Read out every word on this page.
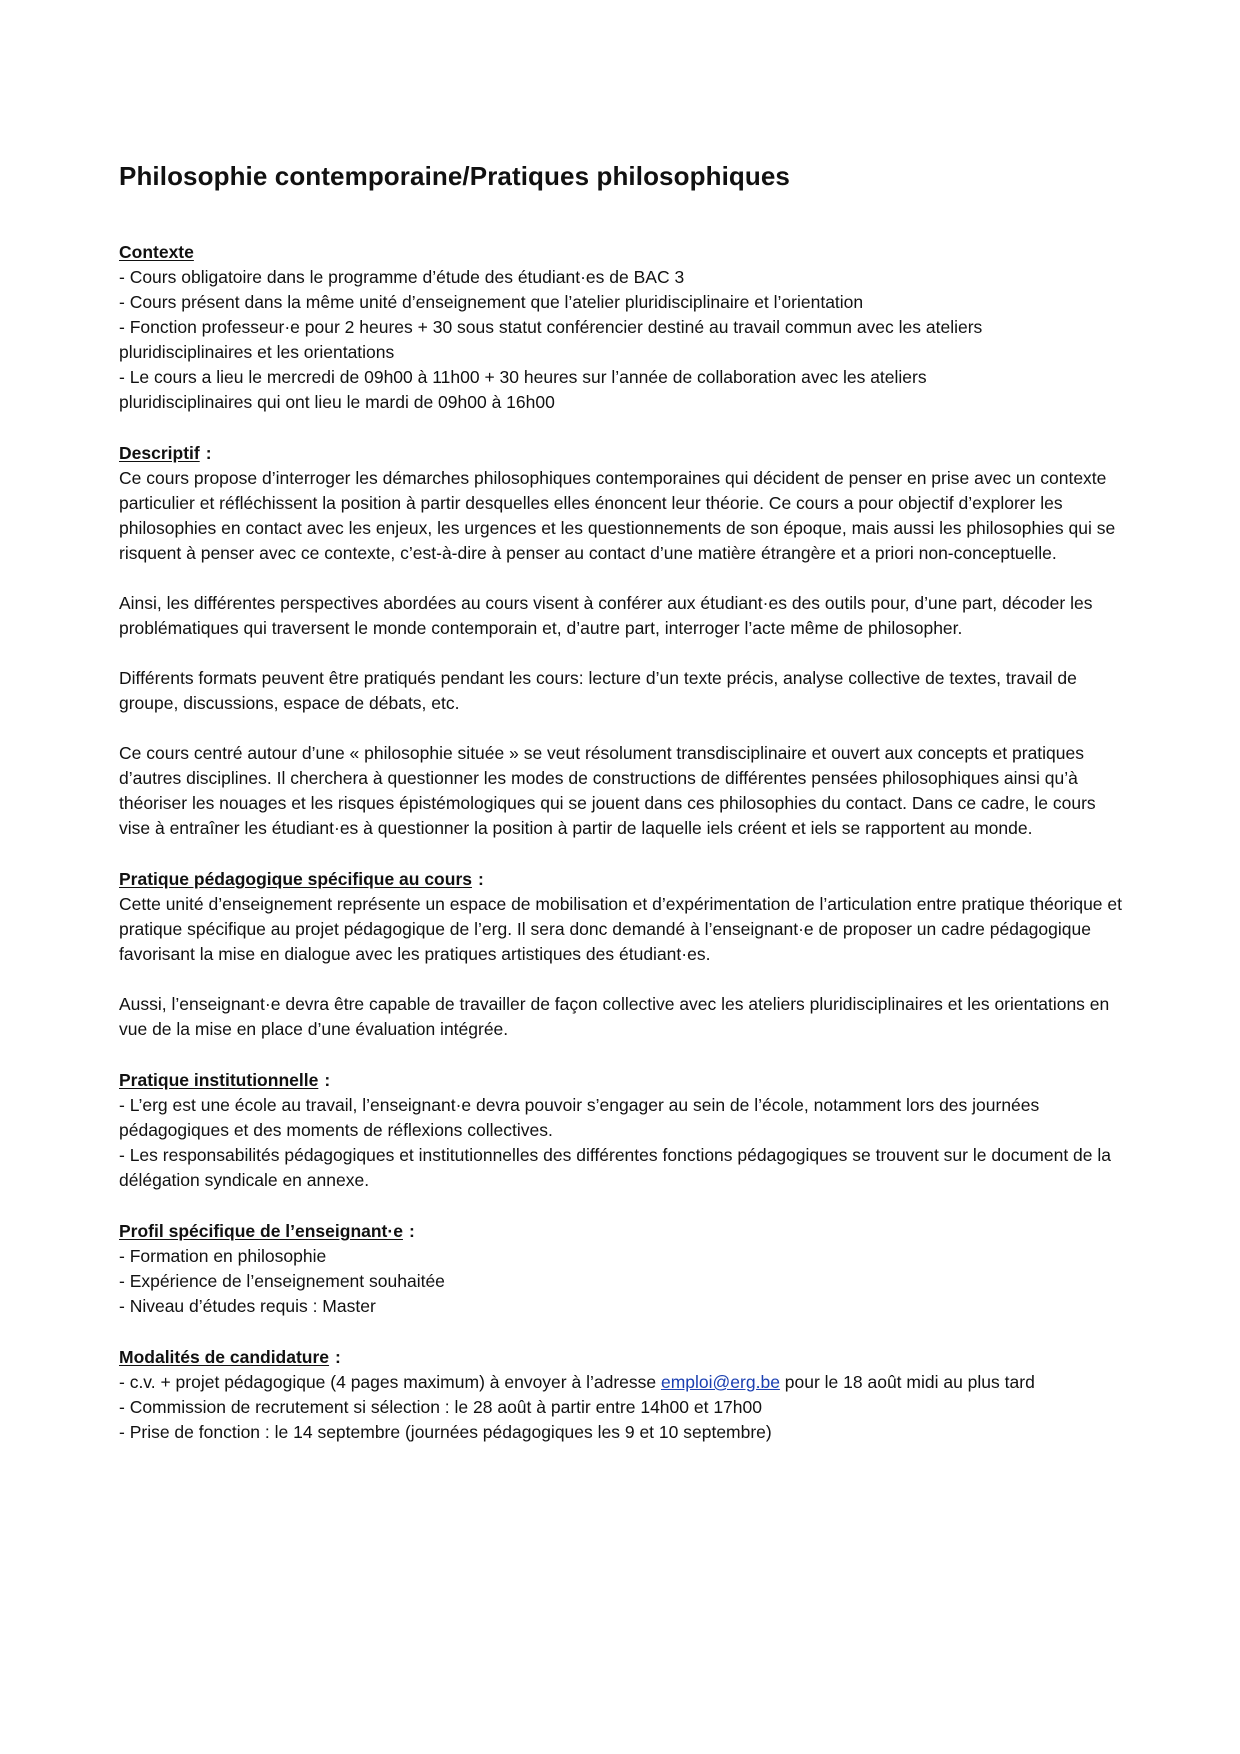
Philosophie contemporaine/Pratiques philosophiques

Contexte

- Cours obligatoire dans le programme d’étude des étudiant·es de BAC 3

- Cours présent dans la même unité d’enseignement que l’atelier pluridisciplinaire et l’orientation

- Fonction professeur·e pour 2 heures + 30 sous statut conférencier destiné au travail commun avec les ateliers

pluridisciplinaires et les orientations

- Le cours a lieu le mercredi de 09h00 à 11h00 + 30 heures sur l’année de collaboration avec les ateliers

pluridisciplinaires qui ont lieu le mardi de 09h00 à 16h00

Descriptif :

Ce cours propose d’interroger les démarches philosophiques contemporaines qui décident de penser en prise avec un contexte particulier et réfléchissent la position à partir desquelles elles énoncent leur théorie. Ce cours a pour objectif d’explorer les philosophies en contact avec les enjeux, les urgences et les questionnements de son époque, mais aussi les philosophies qui se risquent à penser avec ce contexte, c’est-à-dire à penser au contact d’une matière étrangère et a priori non-conceptuelle.

Ainsi, les différentes perspectives abordées au cours visent à conférer aux étudiant·es des outils pour, d’une part, décoder les problématiques qui traversent le monde contemporain et, d’autre part, interroger l’acte même de philosopher.

Différents formats peuvent être pratiqués pendant les cours: lecture d’un texte précis, analyse collective de textes, travail de groupe, discussions, espace de débats, etc.

Ce cours centré autour d’une « philosophie située » se veut résolument transdisciplinaire et ouvert aux concepts et pratiques d’autres disciplines. Il cherchera à questionner les modes de constructions de différentes pensées philosophiques ainsi qu’à théoriser les nouages et les risques épistémologiques qui se jouent dans ces philosophies du contact. Dans ce cadre, le cours vise à entraîner les étudiant·es à questionner la position à partir de laquelle iels créent et iels se rapportent au monde.

Pratique pédagogique spécifique au cours :

Cette unité d’enseignement représente un espace de mobilisation et d’expérimentation de l’articulation entre pratique théorique et pratique spécifique au projet pédagogique de l’erg. Il sera donc demandé à l’enseignant·e de proposer un cadre pédagogique favorisant la mise en dialogue avec les pratiques artistiques des étudiant·es.

Aussi, l’enseignant·e devra être capable de travailler de façon collective avec les ateliers pluridisciplinaires et les orientations en vue de la mise en place d’une évaluation intégrée.

Pratique institutionnelle :

- L’erg est une école au travail, l’enseignant·e devra pouvoir s’engager au sein de l’école, notamment lors des journées pédagogiques et des moments de réflexions collectives.

- Les responsabilités pédagogiques et institutionnelles des différentes fonctions pédagogiques se trouvent sur le document de la délégation syndicale en annexe.

Profil spécifique de l’enseignant·e :

- Formation en philosophie

- Expérience de l’enseignement souhaitée

- Niveau d’études requis : Master

Modalités de candidature :

- c.v. + projet pédagogique (4 pages maximum) à envoyer à l’adresse emploi@erg.be pour le 18 août midi au plus tard

- Commission de recrutement si sélection : le 28 août à partir entre 14h00 et 17h00

- Prise de fonction : le 14 septembre (journées pédagogiques les 9 et 10 septembre)
